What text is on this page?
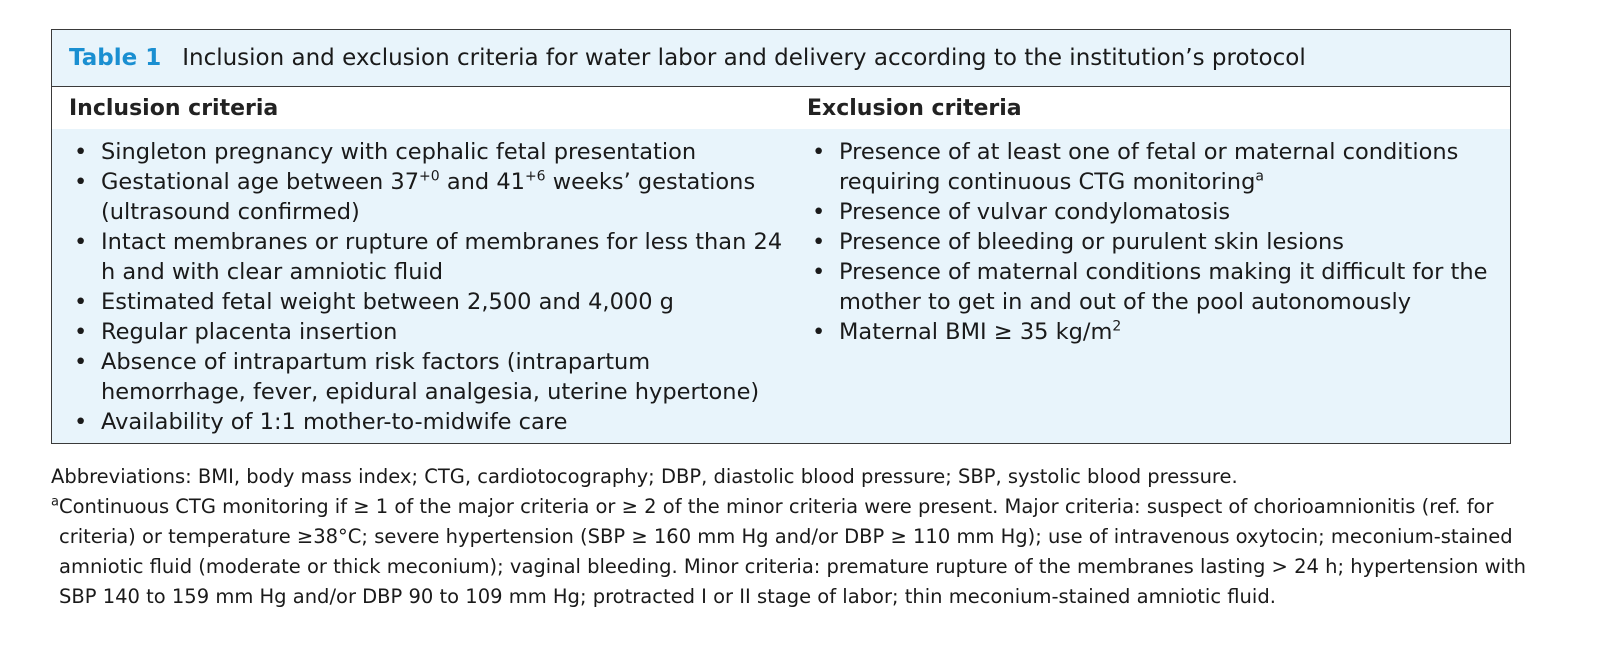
Table 1 Inclusion and exclusion criteria for water labor and delivery according to the institution’s protocol
Inclusion criteria	Exclusion criteria
• Singleton pregnancy with cephalic fetal presentation
• Gestational age between $37^{+0}$ and $41^{+6}$ weeks’ gestations (ultrasound confirmed)
• Intact membranes or rupture of membranes for less than 24 h and with clear amniotic fluid
• Estimated fetal weight between 2,500 and 4,000 g
• Regular placenta insertion
• Absence of intrapartum risk factors (intrapartum hemorrhage, fever, epidural analgesia, uterine hypertone)
• Availability of 1:1 mother-to-midwife care
• Presence of at least one of fetal or maternal conditions requiring continuous CTG monitoring$^a$
• Presence of vulvar condylomatosis
• Presence of bleeding or purulent skin lesions
• Presence of maternal conditions making it difficult for the mother to get in and out of the pool autonomously
• Maternal BMI ≥ 35 $kg/m^2$

Abbreviations: BMI, body mass index; CTG, cardiotocography; DBP, diastolic blood pressure; SBP, systolic blood pressure.

$^a$Continuous CTG monitoring if ≥ 1 of the major criteria or ≥ 2 of the minor criteria were present. Major criteria: suspect of chorioamnionitis (ref. for criteria) or temperature ≥38°C; severe hypertension (SBP ≥ 160 mm Hg and/or DBP ≥ 110 mm Hg); use of intravenous oxytocin; meconium-stained amniotic fluid (moderate or thick meconium); vaginal bleeding. Minor criteria: premature rupture of the membranes lasting > 24 h; hypertension with SBP 140 to 159 mm Hg and/or DBP 90 to 109 mm Hg; protracted I or II stage of labor; thin meconium-stained amniotic fluid.
